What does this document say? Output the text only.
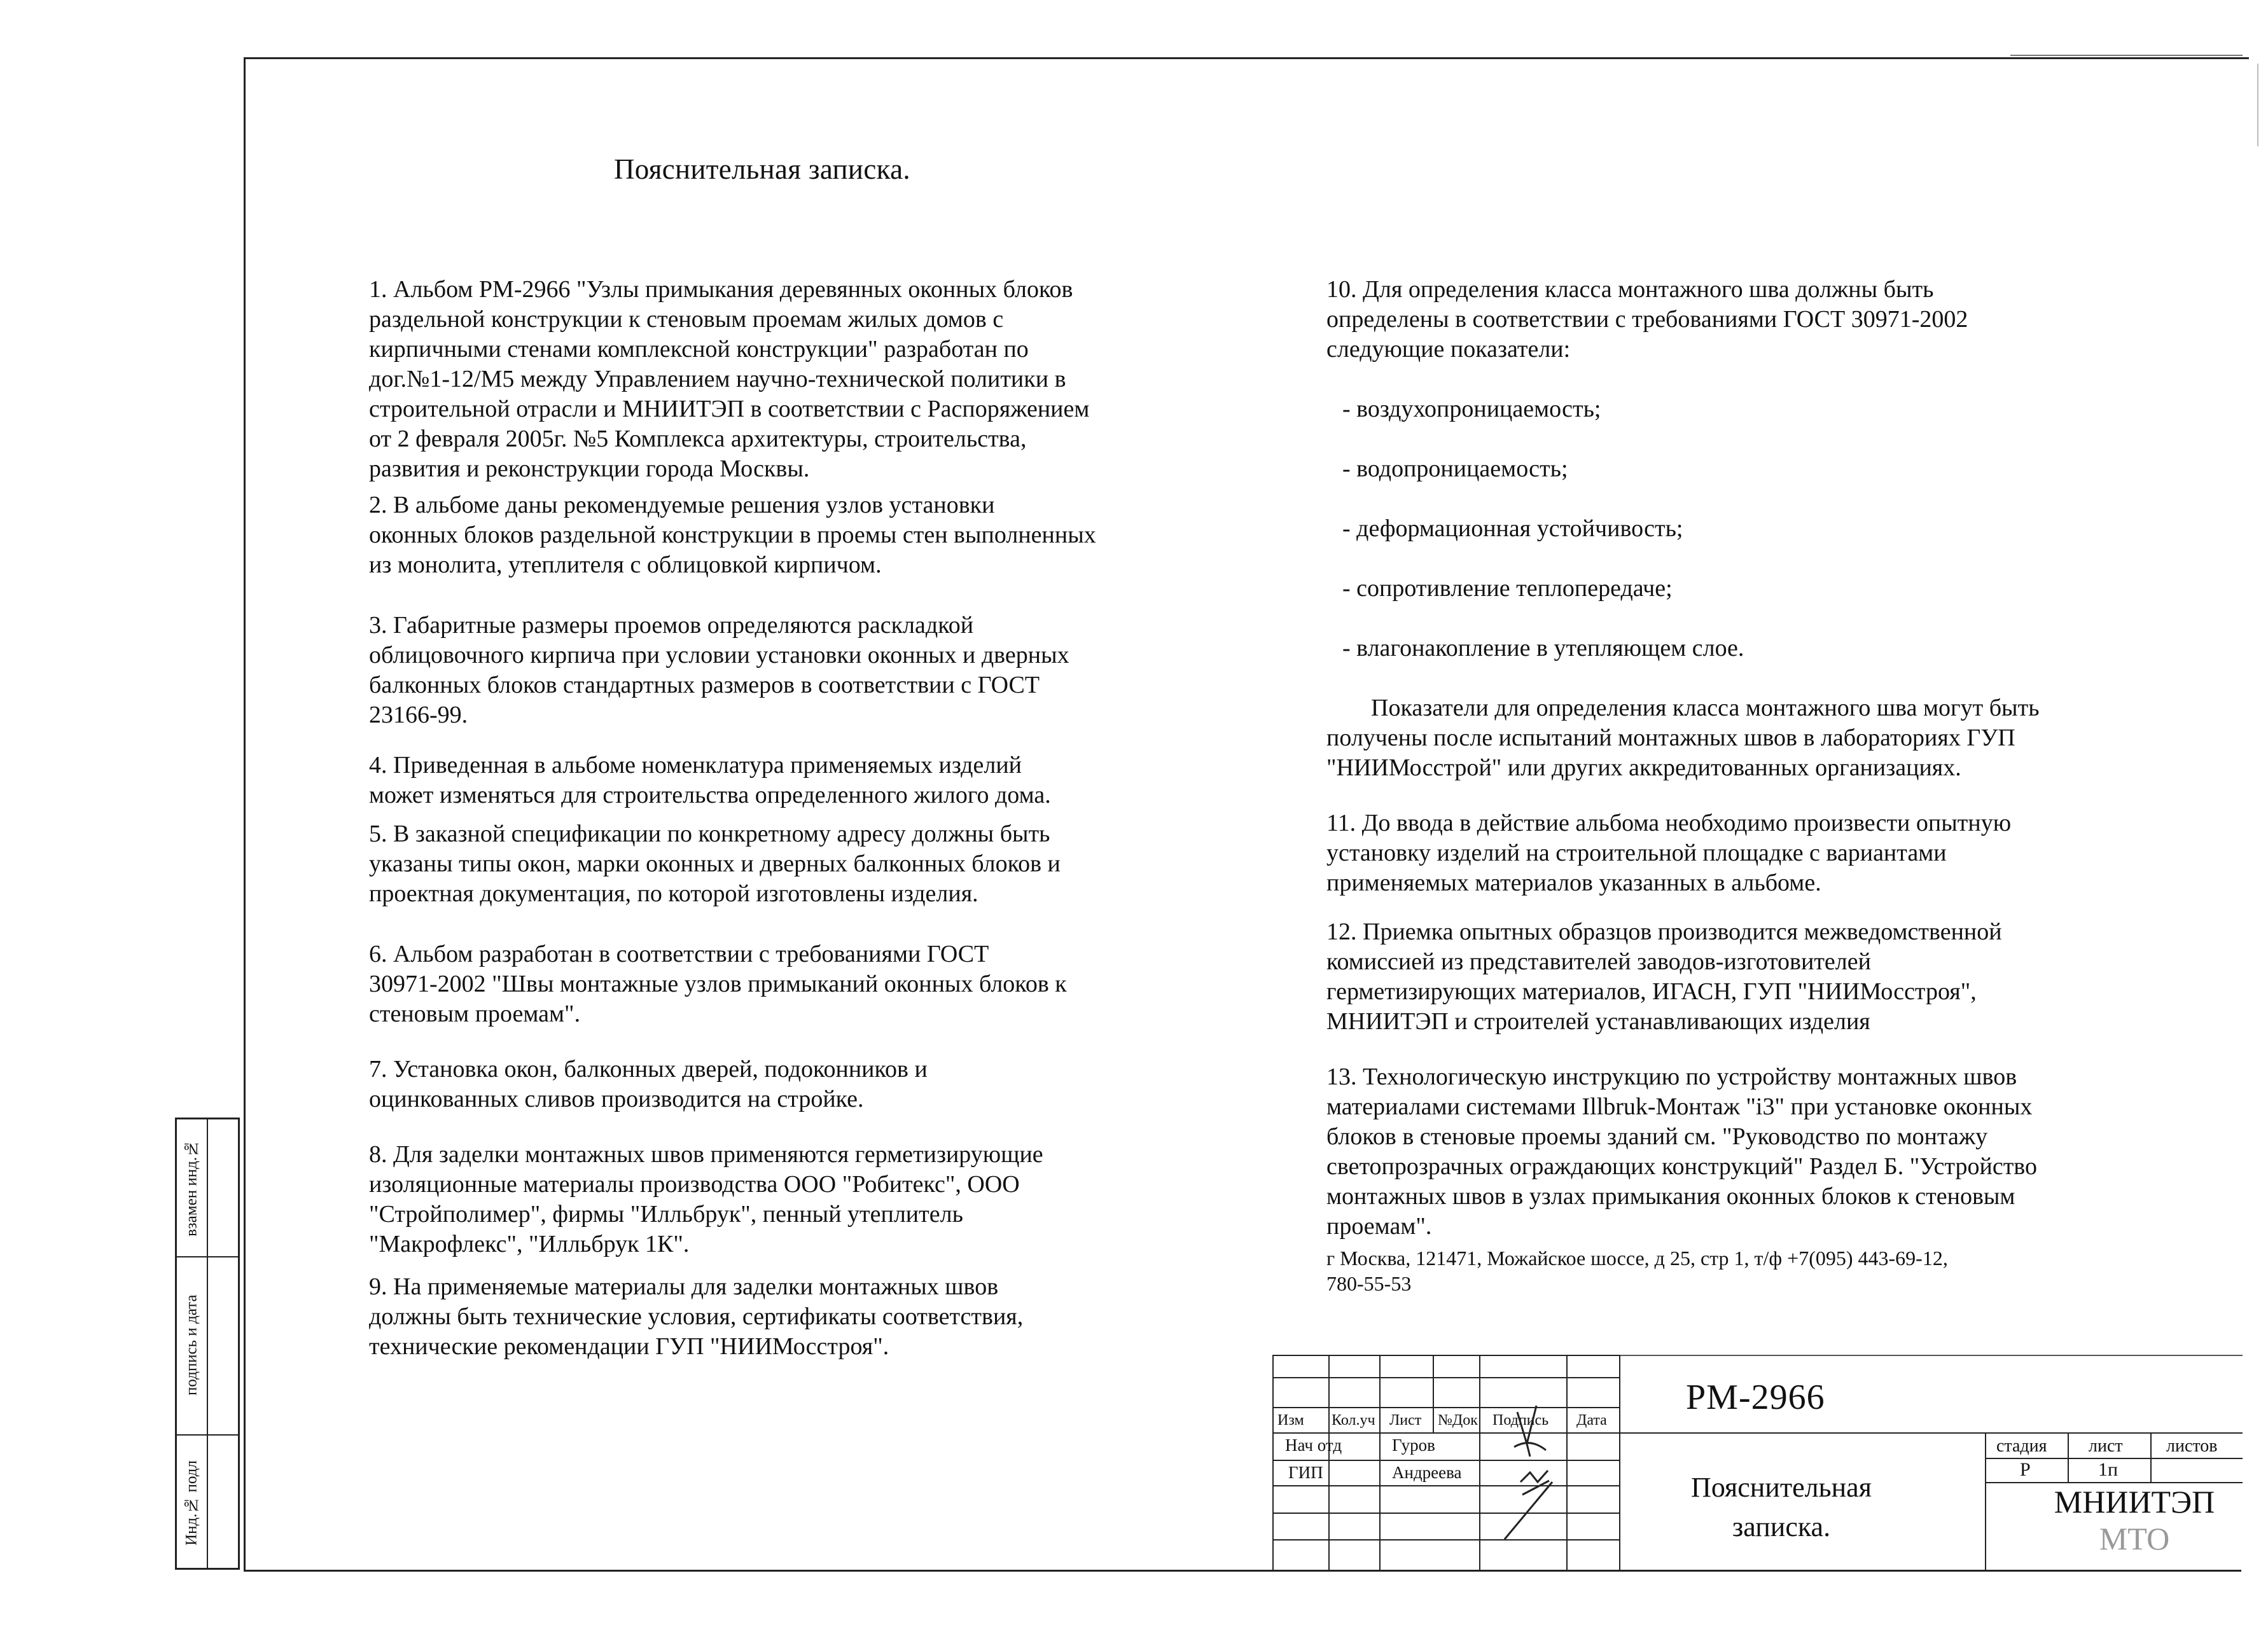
Пояснительная записка.

1. Альбом РМ-2966 "Узлы примыкания деревянных оконных блоков
раздельной конструкции к стеновым проемам жилых домов с
кирпичными стенами комплексной конструкции" разработан по
дог.№1-12/М5 между Управлением научно-технической политики в
строительной отрасли и МНИИТЭП в соответствии с Распоряжением
от 2 февраля 2005г. №5 Комплекса архитектуры, строительства,
развития и реконструкции города Москвы.

2. В альбоме даны рекомендуемые решения узлов установки
оконных блоков раздельной конструкции в проемы стен выполненных
из монолита, утеплителя с облицовкой кирпичом.

3. Габаритные размеры проемов определяются раскладкой
облицовочного кирпича при условии установки оконных и дверных
балконных блоков стандартных размеров в соответствии с ГОСТ
23166-99.

4. Приведенная в альбоме номенклатура применяемых изделий
может изменяться для строительства определенного жилого дома.

5. В заказной спецификации по конкретному адресу должны быть
указаны типы окон, марки оконных и дверных балконных блоков и
проектная документация, по которой изготовлены изделия.

6. Альбом разработан в соответствии с требованиями ГОСТ
30971-2002 "Швы монтажные узлов примыканий оконных блоков к
стеновым проемам".

7. Установка окон, балконных дверей, подоконников и
оцинкованных сливов производится на стройке.

8. Для заделки монтажных швов применяются герметизирующие
изоляционные материалы производства ООО "Робитекс", ООО
"Стройполимер", фирмы "Илльбрук", пенный утеплитель
"Макрофлекс", "Илльбрук 1К".

9. На применяемые материалы для заделки монтажных швов
должны быть технические условия, сертификаты соответствия,
технические рекомендации ГУП "НИИМосстроя".

10. Для определения класса монтажного шва должны быть
определены в соответствии с требованиями ГОСТ 30971-2002
следующие показатели:

- воздухопроницаемость;

- водопроницаемость;

- деформационная устойчивость;

- сопротивление теплопередаче;

- влагонакопление в утепляющем слое.

Показатели для определения класса монтажного шва могут быть
получены после испытаний монтажных швов в лабораториях ГУП
"НИИМосстрой" или других аккредитованных организациях.

11. До ввода в действие альбома необходимо произвести опытную
установку изделий на строительной площадке с вариантами
применяемых материалов указанных в альбоме.

12. Приемка опытных образцов производится межведомственной
комиссией из представителей заводов-изготовителей
герметизирующих материалов, ИГАСН, ГУП "НИИМосстроя",
МНИИТЭП и строителей устанавливающих изделия

13. Технологическую инструкцию по устройству монтажных швов
материалами системами Illbruk-Монтаж "i3" при установке оконных
блоков в стеновые проемы зданий см. "Руководство по монтажу
светопрозрачных ограждающих конструкций" Раздел Б. "Устройство
монтажных швов в узлах примыкания оконных блоков к стеновым
проемам".

г Москва, 121471, Можайское шоссе, д 25, стр 1, т/ф +7(095) 443-69-12,
780-55-53

взамен инд.№
подпись и дата
Инд.№ подл
Изм Кол.уч Лист №Док Подпись Дата
Нач отд	Гуров
ГИП	Андреева
РМ-2966
Пояснительная
записка.
стадия лист листов
Р	1п
МНИИТЭП
МТО
